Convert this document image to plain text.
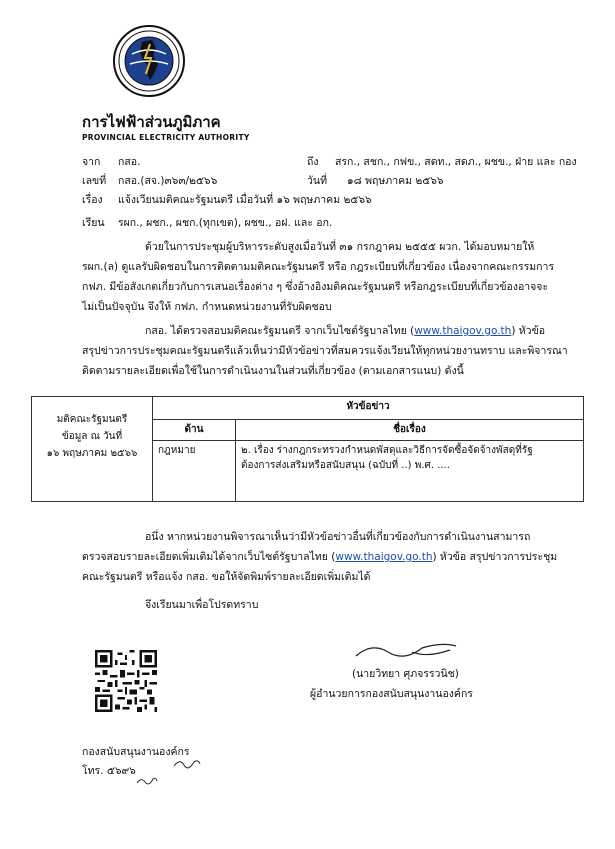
การไฟฟ้าส่วนภูมิภาค
PROVINCIAL ELECTRICITY AUTHORITY
จาก กสอ.	ถึง สรก., สชก., กฟข., สดท., สดภ., ผชข., ฝ่าย และ กอง
เลขที่ กสอ.(สจ.)๓๖๓/๒๕๖๖	วันที่ ๑๘ พฤษภาคม ๒๕๖๖
เรื่อง แจ้งเวียนมติคณะรัฐมนตรี เมื่อวันที่ ๑๖ พฤษภาคม ๒๕๖๖
เรียน รผก., ผชก., ผชก.(ทุกเขต), ผชข., อฝ. และ อก.
ด้วยในการประชุมผู้บริหารระดับสูงเมื่อวันที่ ๓๑ กรกฎาคม ๒๕๕๕ ผวก. ได้มอบหมายให้
รผก.(ล) ดูแลรับผิดชอบในการติดตามมติคณะรัฐมนตรี หรือ กฎระเบียบที่เกี่ยวข้อง เนื่องจากคณะกรรมการ
กฟภ. มีข้อสังเกตเกี่ยวกับการเสนอเรื่องต่าง ๆ ซึ่งอ้างอิงมติคณะรัฐมนตรี หรือกฎระเบียบที่เกี่ยวข้องอาจจะ
ไม่เป็นปัจจุบัน จึงให้ กฟภ. กำหนดหน่วยงานที่รับผิดชอบ
กสอ. ได้ตรวจสอบมติคณะรัฐมนตรี จากเว็บไซต์รัฐบาลไทย (www.thaigov.go.th) หัวข้อ
สรุปข่าวการประชุมคณะรัฐมนตรีแล้วเห็นว่ามีหัวข้อข่าวที่สมควรแจ้งเวียนให้ทุกหน่วยงานทราบ และพิจารณา
ติดตามรายละเอียดเพื่อใช้ในการดำเนินงานในส่วนที่เกี่ยวข้อง (ตามเอกสารแนบ) ดังนี้
มติคณะรัฐมนตรี
ข้อมูล ณ วันที่
๑๖ พฤษภาคม ๒๕๖๖	หัวข้อข่าว	
	ด้าน	ชื่อเรื่อง
	กฎหมาย	๒. เรื่อง ร่างกฎกระทรวงกำหนดพัสดุและวิธีการจัดซื้อจัดจ้างพัสดุที่รัฐ
ต้องการส่งเสริมหรือสนับสนุน (ฉบับที่ ..) พ.ศ. ....
อนึ่ง หากหน่วยงานพิจารณาเห็นว่ามีหัวข้อข่าวอื่นที่เกี่ยวข้องกับการดำเนินงานสามารถ
ตรวจสอบรายละเอียดเพิ่มเติมได้จากเว็บไซต์รัฐบาลไทย (www.thaigov.go.th) หัวข้อ สรุปข่าวการประชุม
คณะรัฐมนตรี หรือแจ้ง กสอ. ขอให้จัดพิมพ์รายละเอียดเพิ่มเติมได้
จึงเรียนมาเพื่อโปรดทราบ
(นายวิทยา ศุภจรรวนิช)
ผู้อำนวยการกองสนับสนุนงานองค์กร
กองสนับสนุนงานองค์กร
โทร. ๕๖๙๖
